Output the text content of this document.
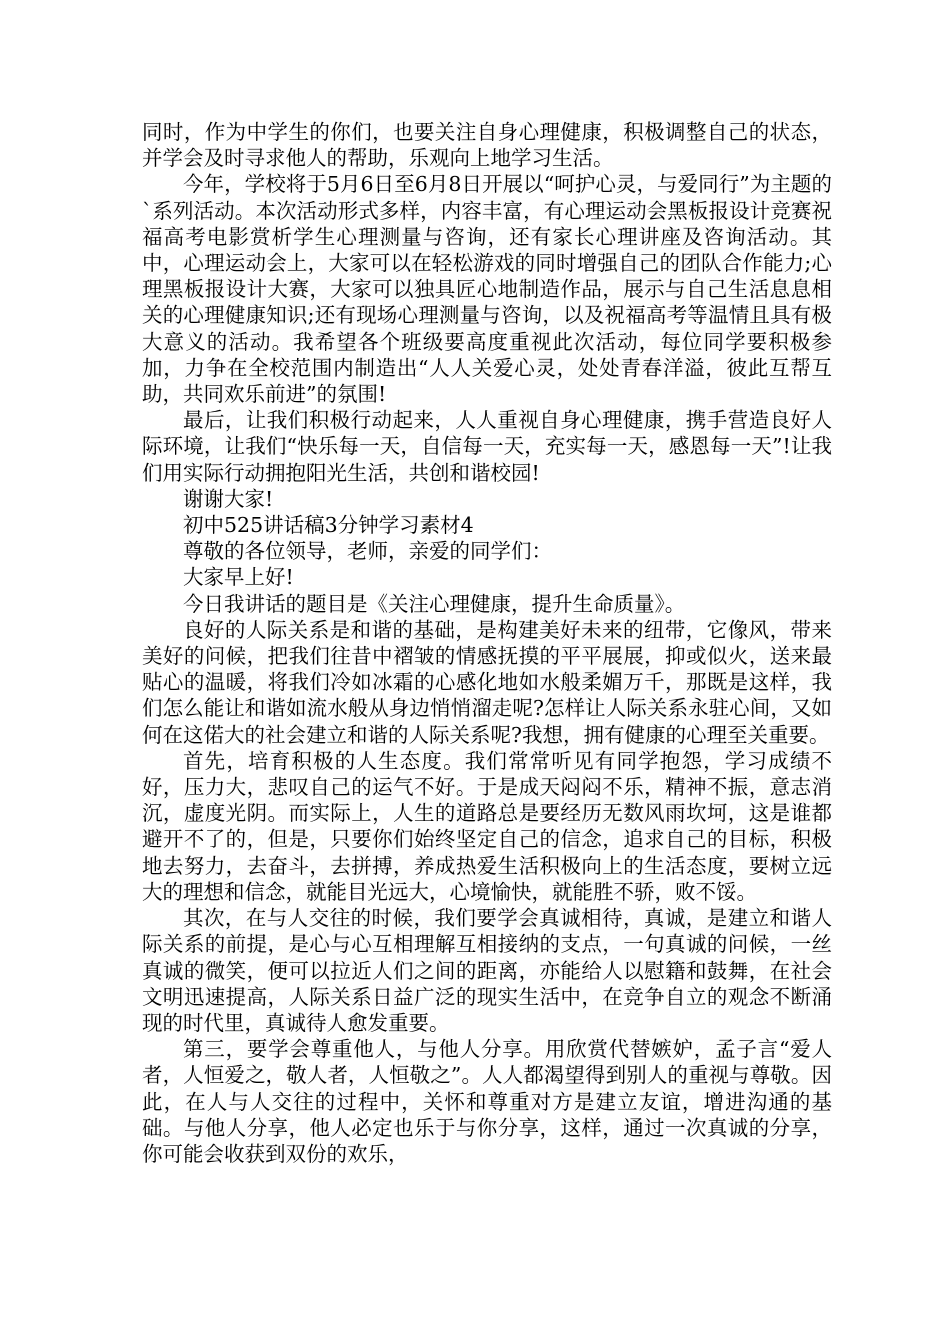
同时，作为中学生的你们，也要关注自身心理健康，积极调整自己的状态，并学会及时寻求他人的帮助，乐观向上地学习生活。

今年，学校将于5月6日至6月8日开展以“呵护心灵，与爱同行”为主题的`系列活动。本次活动形式多样，内容丰富，有心理运动会黑板报设计竞赛祝福高考电影赏析学生心理测量与咨询，还有家长心理讲座及咨询活动。其中，心理运动会上，大家可以在轻松游戏的同时增强自己的团队合作能力;心理黑板报设计大赛，大家可以独具匠心地制造作品，展示与自己生活息息相关的心理健康知识;还有现场心理测量与咨询，以及祝福高考等温情且具有极大意义的活动。我希望各个班级要高度重视此次活动，每位同学要积极参加，力争在全校范围内制造出“人人关爱心灵，处处青春洋溢，彼此互帮互助，共同欢乐前进”的氛围!

最后，让我们积极行动起来，人人重视自身心理健康，携手营造良好人际环境，让我们“快乐每一天，自信每一天，充实每一天，感恩每一天”!让我们用实际行动拥抱阳光生活，共创和谐校园!

谢谢大家!

初中525讲话稿3分钟学习素材4

尊敬的各位领导，老师，亲爱的同学们：

大家早上好!

今日我讲话的题目是《关注心理健康，提升生命质量》。

良好的人际关系是和谐的基础，是构建美好未来的纽带，它像风，带来美好的问候，把我们往昔中褶皱的情感抚摸的平平展展，抑或似火，送来最贴心的温暖，将我们冷如冰霜的心感化地如水般柔媚万千，那既是这样，我们怎么能让和谐如流水般从身边悄悄溜走呢?怎样让人际关系永驻心间，又如何在这偌大的社会建立和谐的人际关系呢?我想，拥有健康的心理至关重要。

首先，培育积极的人生态度。我们常常听见有同学抱怨，学习成绩不好，压力大，悲叹自己的运气不好。于是成天闷闷不乐，精神不振，意志消沉，虚度光阴。而实际上，人生的道路总是要经历无数风雨坎坷，这是谁都避开不了的，但是，只要你们始终坚定自己的信念，追求自己的目标，积极地去努力，去奋斗，去拼搏，养成热爱生活积极向上的生活态度，要树立远大的理想和信念，就能目光远大，心境愉快，就能胜不骄，败不馁。

其次，在与人交往的时候，我们要学会真诚相待，真诚，是建立和谐人际关系的前提，是心与心互相理解互相接纳的支点，一句真诚的问候，一丝真诚的微笑，便可以拉近人们之间的距离，亦能给人以慰籍和鼓舞，在社会文明迅速提高，人际关系日益广泛的现实生活中，在竞争自立的观念不断涌现的时代里，真诚待人愈发重要。

第三，要学会尊重他人，与他人分享。用欣赏代替嫉妒，孟子言“爱人者，人恒爱之，敬人者，人恒敬之”。人人都渴望得到别人的重视与尊敬。因此，在人与人交往的过程中，关怀和尊重对方是建立友谊，增进沟通的基础。与他人分享，他人必定也乐于与你分享，这样，通过一次真诚的分享，你可能会收获到双份的欢乐，
